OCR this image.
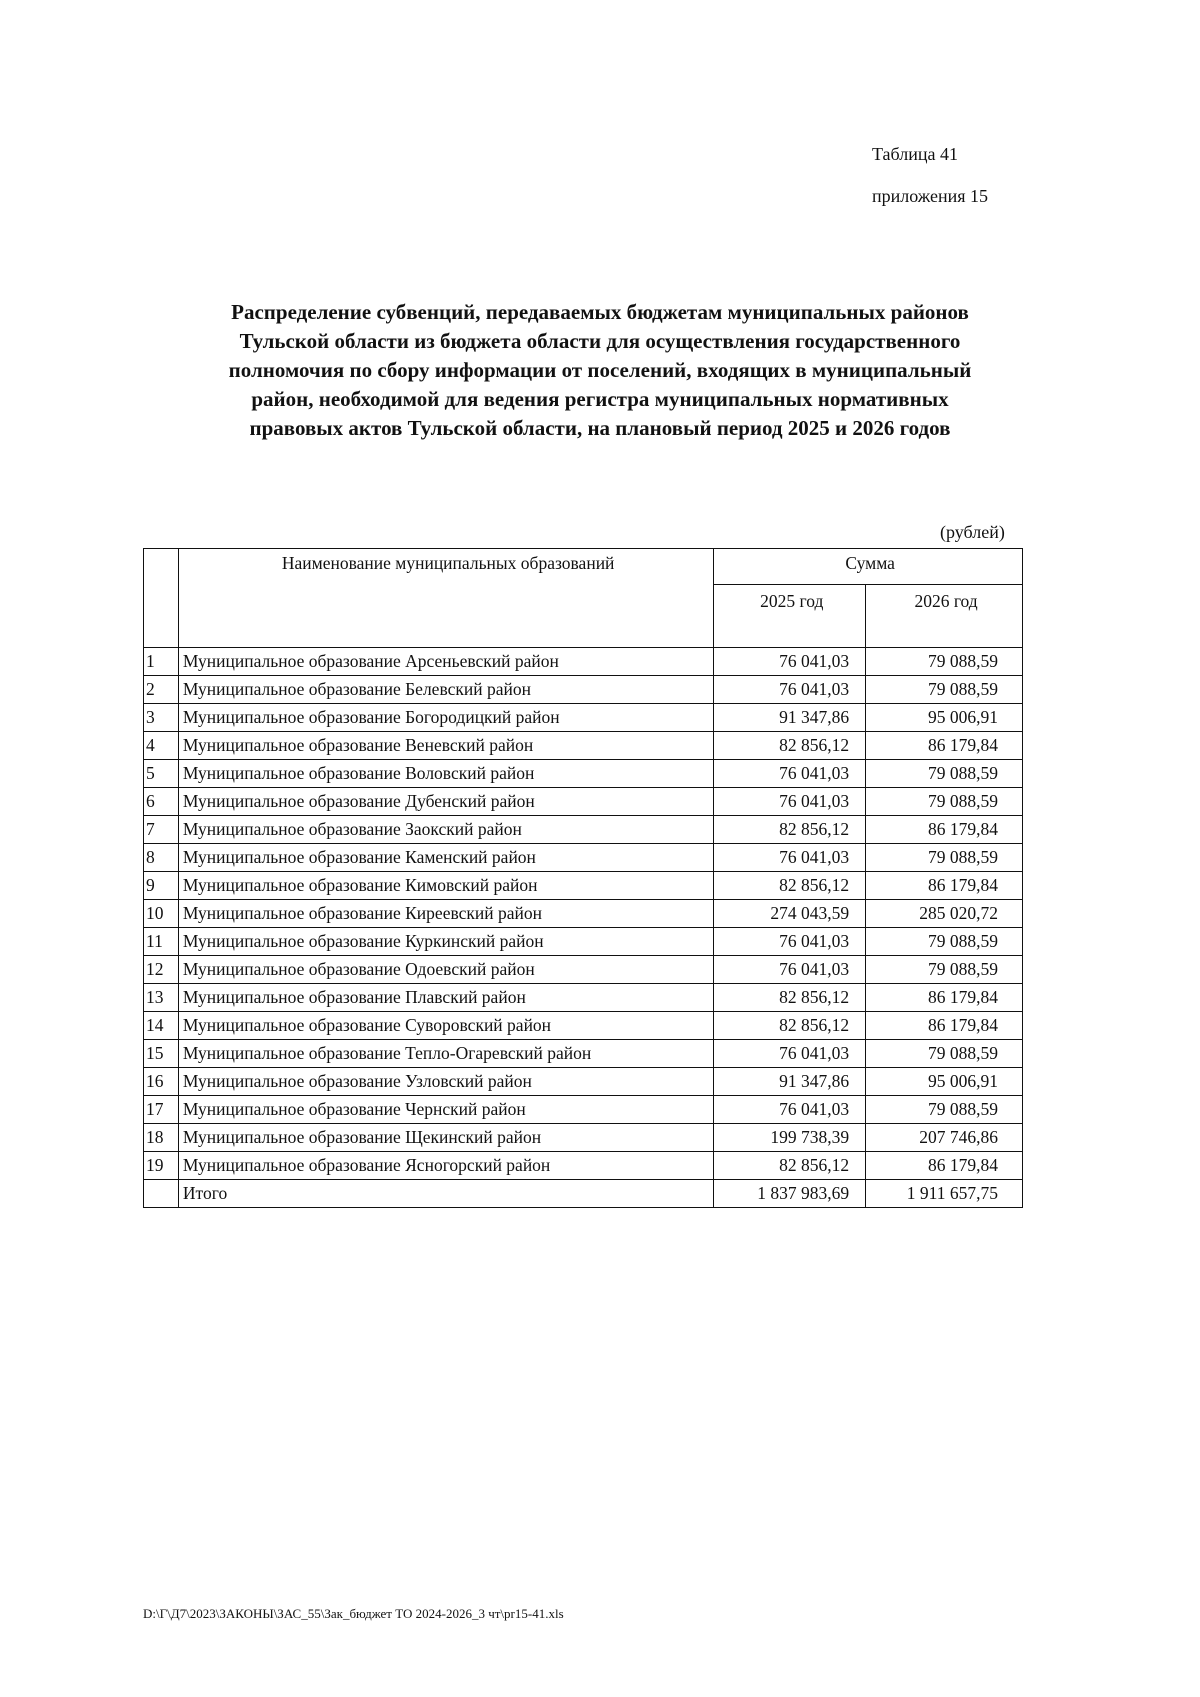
Таблица 41
приложения 15
Распределение субвенций, передаваемых бюджетам муниципальных районов
Тульской области из бюджета области для осуществления государственного
полномочия по сбору информации от поселений, входящих в муниципальный
район, необходимой для ведения регистра муниципальных нормативных
правовых актов Тульской области, на плановый период 2025 и 2026 годов
(рублей)
	Наименование муниципальных образований	Сумма	
		2025 год	2026 год
1	Муниципальное образование Арсеньевский район	76 041,03	79 088,59
2	Муниципальное образование Белевский район	76 041,03	79 088,59
3	Муниципальное образование Богородицкий район	91 347,86	95 006,91
4	Муниципальное образование Веневский район	82 856,12	86 179,84
5	Муниципальное образование Воловский район	76 041,03	79 088,59
6	Муниципальное образование Дубенский район	76 041,03	79 088,59
7	Муниципальное образование Заокский район	82 856,12	86 179,84
8	Муниципальное образование Каменский район	76 041,03	79 088,59
9	Муниципальное образование Кимовский район	82 856,12	86 179,84
10	Муниципальное образование Киреевский район	274 043,59	285 020,72
11	Муниципальное образование Куркинский район	76 041,03	79 088,59
12	Муниципальное образование Одоевский район	76 041,03	79 088,59
13	Муниципальное образование Плавский район	82 856,12	86 179,84
14	Муниципальное образование Суворовский район	82 856,12	86 179,84
15	Муниципальное образование Тепло-Огаревский район	76 041,03	79 088,59
16	Муниципальное образование Узловский район	91 347,86	95 006,91
17	Муниципальное образование Чернский район	76 041,03	79 088,59
18	Муниципальное образование Щекинский район	199 738,39	207 746,86
19	Муниципальное образование Ясногорский район	82 856,12	86 179,84
	Итого	1 837 983,69	1 911 657,75
D:\Г\Д7\2023\ЗАКОНЫ\ЗАС_55\Зак_бюджет ТО 2024-2026_3 чт\pr15-41.xls
